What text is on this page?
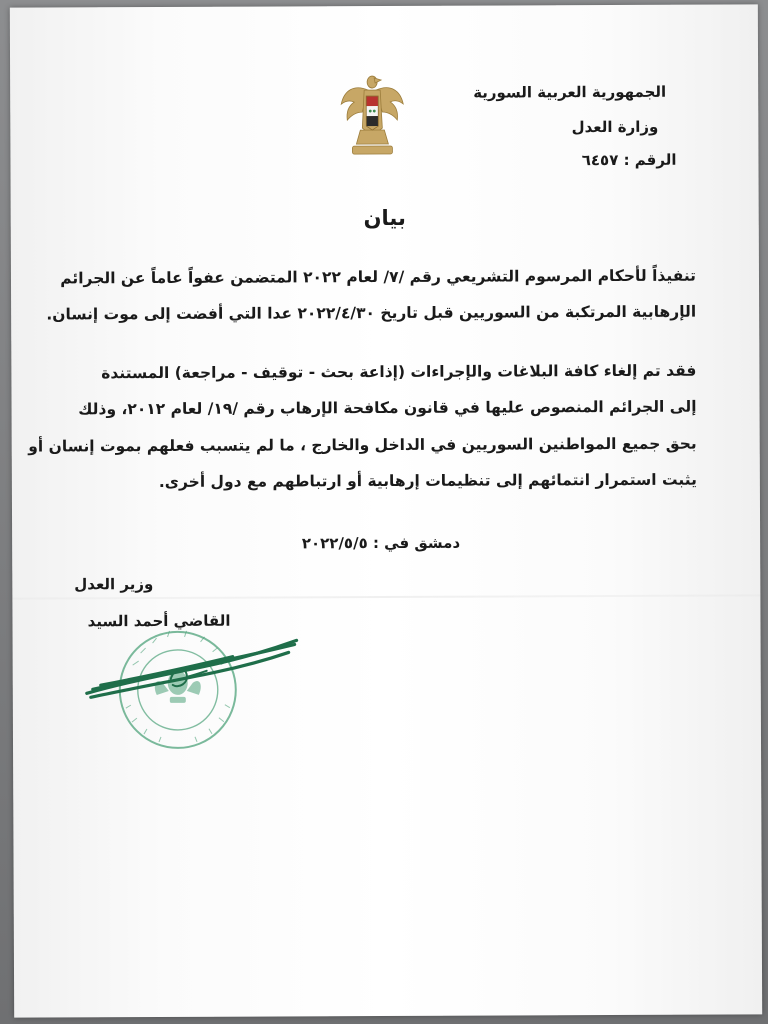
الجمهورية العربية السورية
وزارة العدل
الرقم : ٦٤٥٧
بيان
تنفيذاً لأحكام المرسوم التشريعي رقم /٧/ لعام ٢٠٢٢ المتضمن عفواً عاماً عن الجرائم
الإرهابية المرتكبة من السوريين قبل تاريخ ٢٠٢٢/٤/٣٠ عدا التي أفضت إلى موت إنسان.
فقد تم إلغاء كافة البلاغات والإجراءات (إذاعة بحث - توقيف - مراجعة) المستندة
إلى الجرائم المنصوص عليها في قانون مكافحة الإرهاب رقم /١٩/ لعام ٢٠١٢، وذلك
بحق جميع المواطنين السوريين في الداخل والخارج ، ما لم يتسبب فعلهم بموت إنسان أو
يثبت استمرار انتمائهم إلى تنظيمات إرهابية أو ارتباطهم مع دول أخرى.
دمشق في : ٢٠٢٢/٥/٥
وزير العدل
القاضي أحمد السيد
